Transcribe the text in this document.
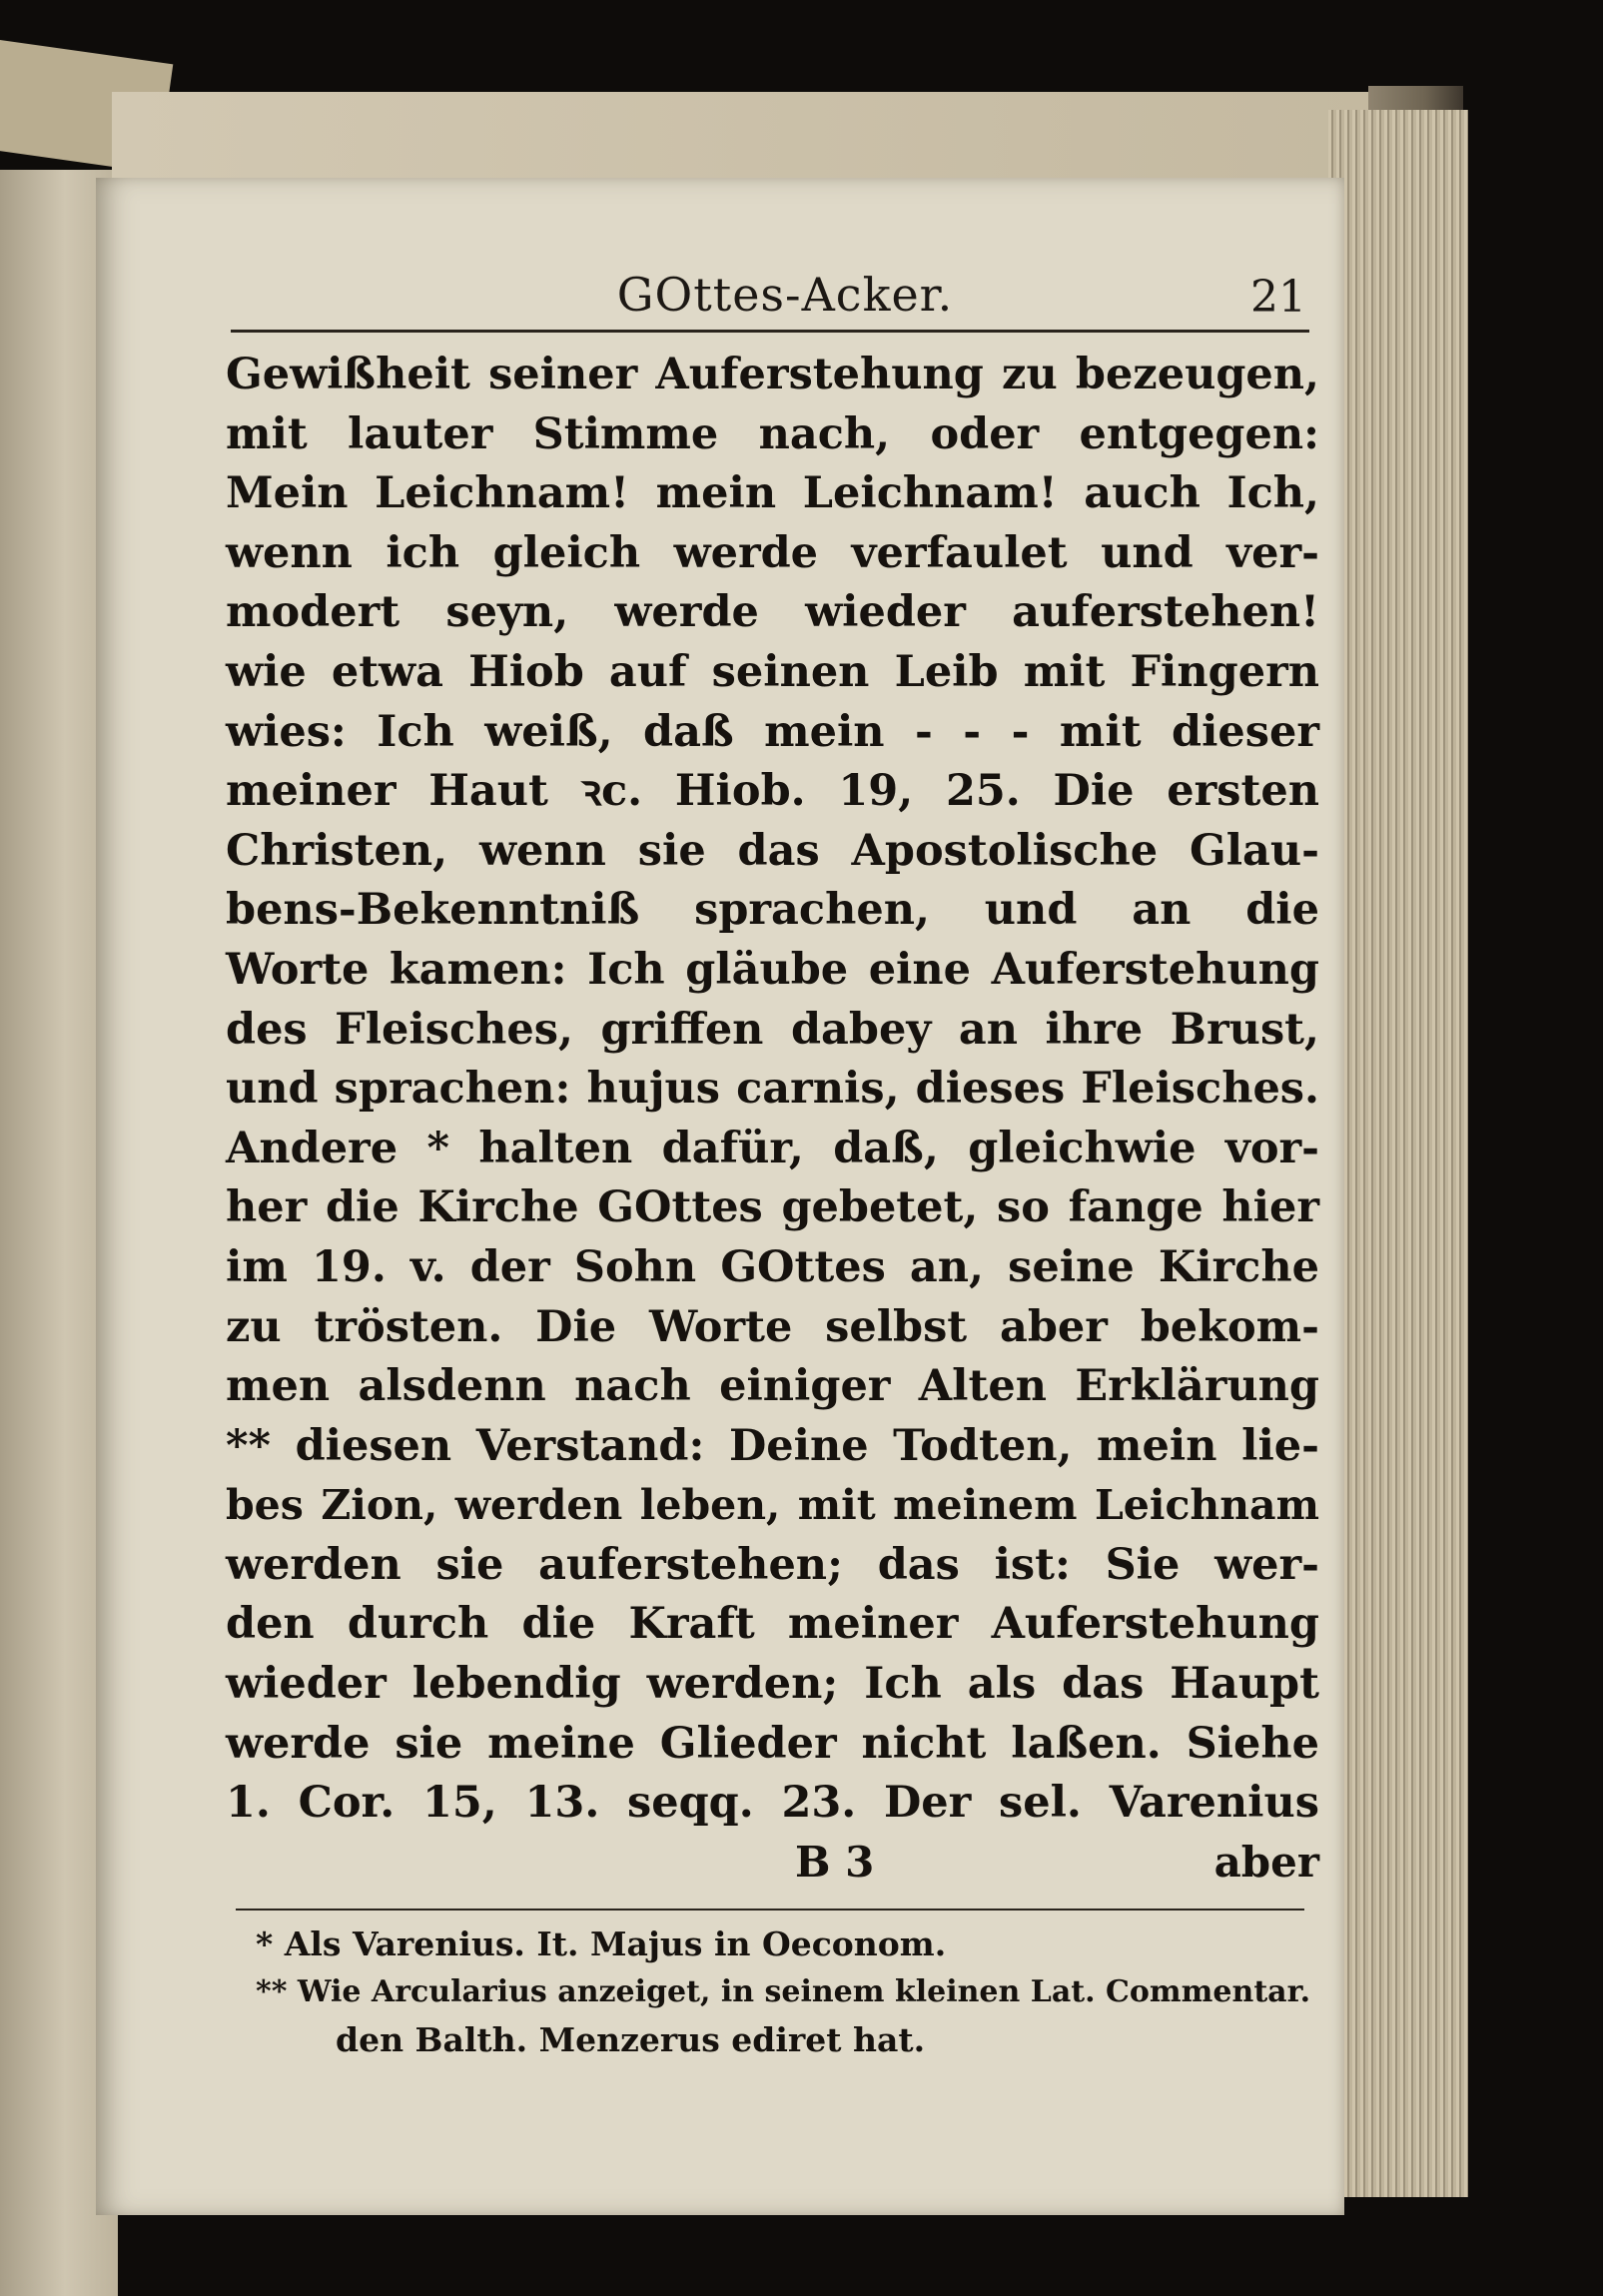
GOttes-Acker.	21
Gewißheit seiner Auferstehung zu bezeugen,
mit lauter Stimme nach, oder entgegen:
Mein Leichnam! mein Leichnam! auch Ich,
wenn ich gleich werde verfaulet und ver-
modert seyn, werde wieder auferstehen!
wie etwa Hiob auf seinen Leib mit Fingern
wies: Ich weiß, daß mein - - - mit dieser
meiner Haut ꝛc. Hiob. 19, 25. Die ersten
Christen, wenn sie das Apostolische Glau-
bens-Bekenntniß sprachen, und an die
Worte kamen: Ich gläube eine Auferstehung
des Fleisches, griffen dabey an ihre Brust,
und sprachen: hujus carnis, dieses Fleisches.
Andere * halten dafür, daß, gleichwie vor-
her die Kirche GOttes gebetet, so fange hier
im 19. v. der Sohn GOttes an, seine Kirche
zu trösten. Die Worte selbst aber bekom-
men alsdenn nach einiger Alten Erklärung
** diesen Verstand: Deine Todten, mein lie-
bes Zion, werden leben, mit meinem Leichnam
werden sie auferstehen; das ist: Sie wer-
den durch die Kraft meiner Auferstehung
wieder lebendig werden; Ich als das Haupt
werde sie meine Glieder nicht laßen. Siehe
1. Cor. 15, 13. seqq. 23. Der sel. Varenius
B 3	aber
* Als Varenius. It. Majus in Oeconom.
** Wie Arcularius anzeiget, in seinem kleinen Lat. Commentar.
den Balth. Menzerus ediret hat.
